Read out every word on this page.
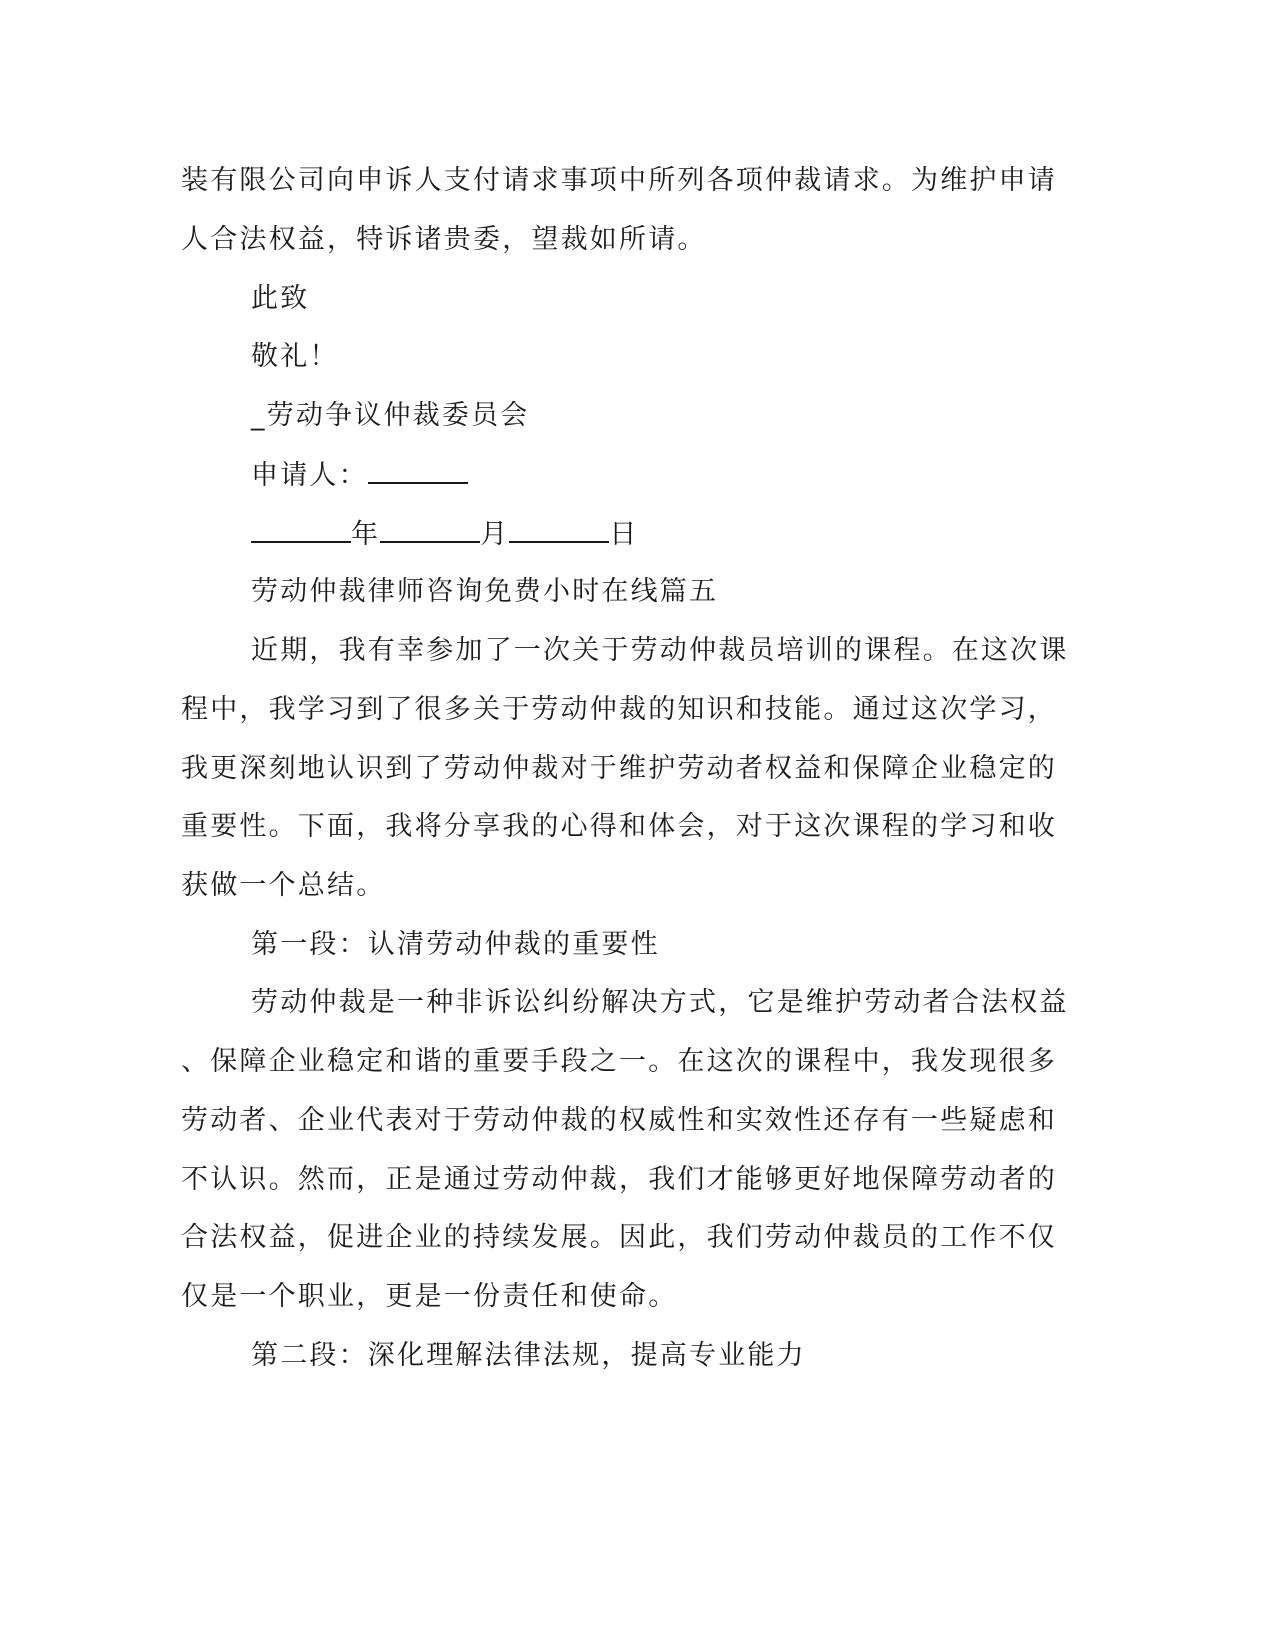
装有限公司向申诉人支付请求事项中所列各项仲裁请求。为维护申请
人合法权益，特诉诸贵委，望裁如所请。
此致
敬礼！
_劳动争议仲裁委员会
申请人：
年	月	日
劳动仲裁律师咨询免费小时在线篇五
近期，我有幸参加了一次关于劳动仲裁员培训的课程。在这次课
程中，我学习到了很多关于劳动仲裁的知识和技能。通过这次学习，
我更深刻地认识到了劳动仲裁对于维护劳动者权益和保障企业稳定的
重要性。下面，我将分享我的心得和体会，对于这次课程的学习和收
获做一个总结。
第一段：认清劳动仲裁的重要性
劳动仲裁是一种非诉讼纠纷解决方式，它是维护劳动者合法权益
、保障企业稳定和谐的重要手段之一。在这次的课程中，我发现很多
劳动者、企业代表对于劳动仲裁的权威性和实效性还存有一些疑虑和
不认识。然而，正是通过劳动仲裁，我们才能够更好地保障劳动者的
合法权益，促进企业的持续发展。因此，我们劳动仲裁员的工作不仅
仅是一个职业，更是一份责任和使命。
第二段：深化理解法律法规，提高专业能力
